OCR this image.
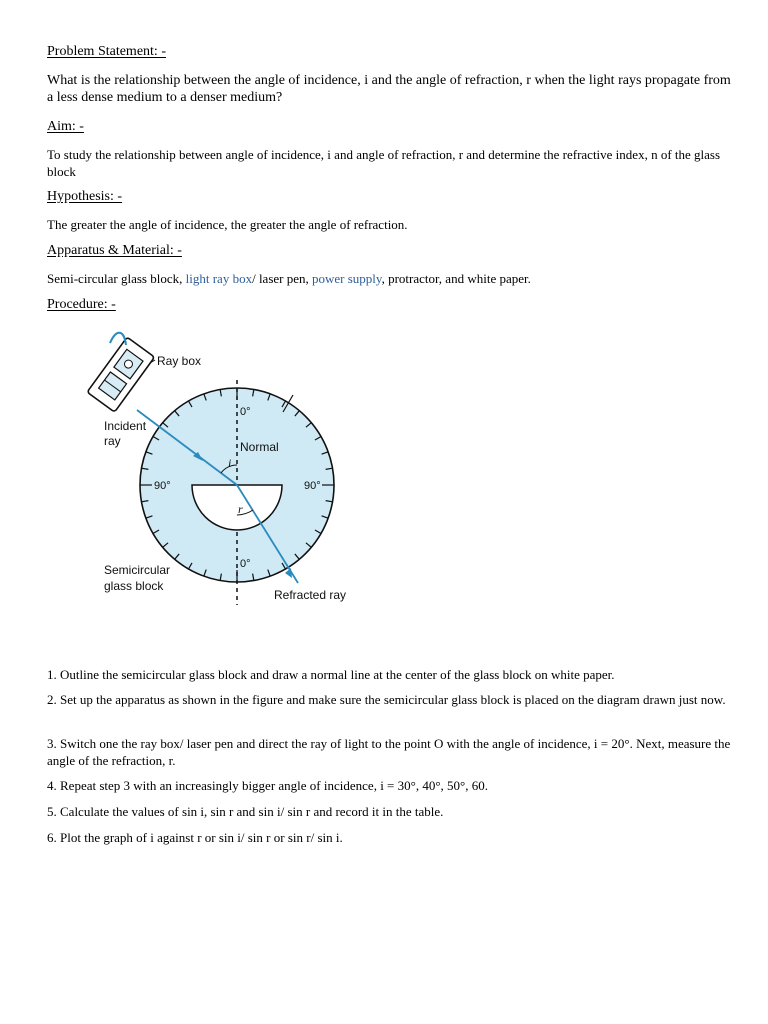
Problem Statement: -

What is the relationship between the angle of incidence, i and the angle of refraction, r when the light rays propagate from a less dense medium to a denser medium?

Aim: -

To study the relationship between angle of incidence, i and angle of refraction, r and determine the refractive index, n of the glass block

Hypothesis: -

The greater the angle of incidence, the greater the angle of refraction.

Apparatus & Material: -

Semi-circular glass block, light ray box/ laser pen, power supply, protractor, and white paper.

Procedure: -

Ray box
Incident
ray	Normal
0°
0°
90°	90°
i
r
Semicircular
glass block
Refracted ray

1. Outline the semicircular glass block and draw a normal line at the center of the glass block on white paper.

2. Set up the apparatus as shown in the figure and make sure the semicircular glass block is placed on the diagram drawn just now.

3. Switch one the ray box/ laser pen and direct the ray of light to the point O with the angle of incidence, i = 20°. Next, measure the angle of the refraction, r.

4. Repeat step 3 with an increasingly bigger angle of incidence, i = 30°, 40°, 50°, 60.

5. Calculate the values of sin i, sin r and sin i/ sin r and record it in the table.

6. Plot the graph of i against r or sin i/ sin r or sin r/ sin i.
